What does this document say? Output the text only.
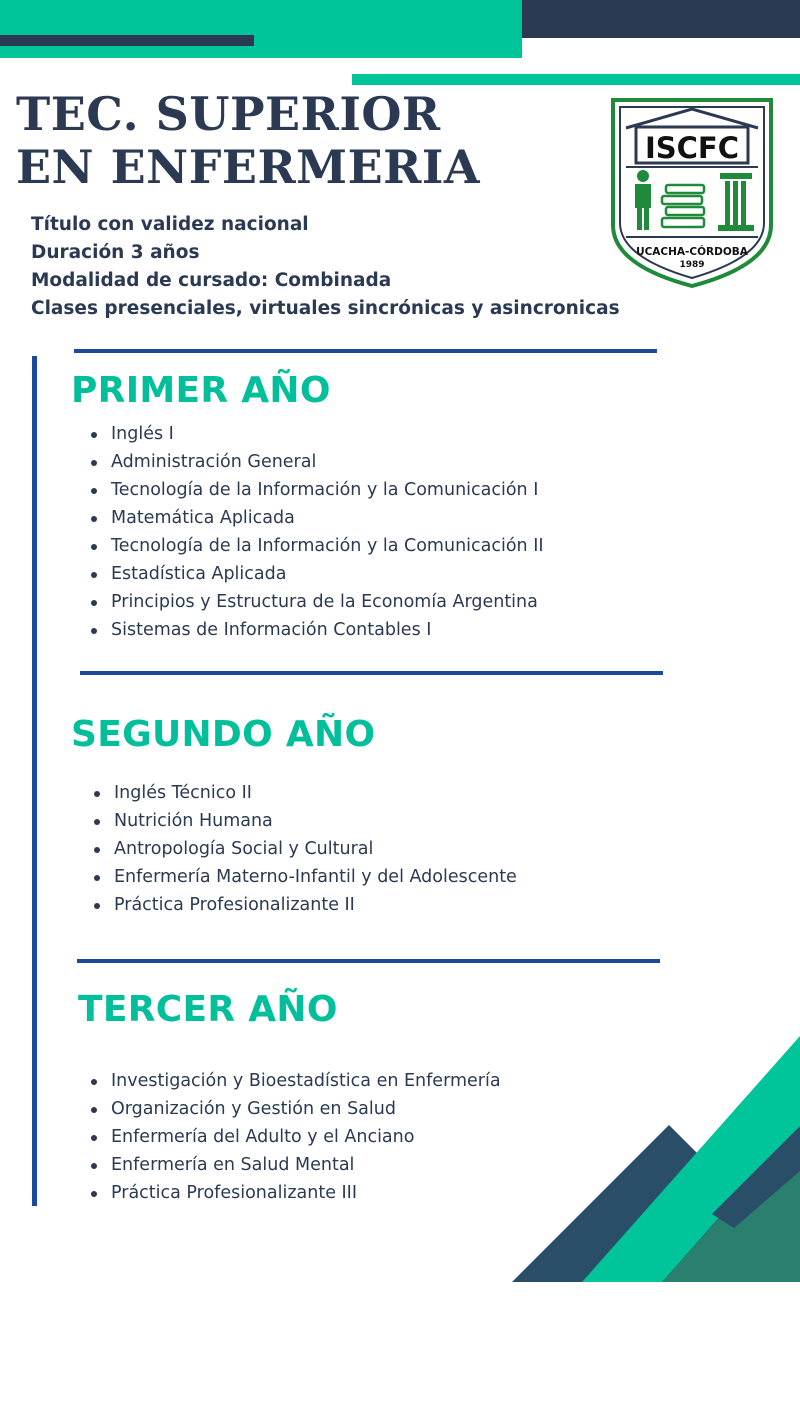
TEC. SUPERIOR
EN ENFERMERIA
Título con validez nacional
Duración 3 años
Modalidad de cursado: Combinada
Clases presenciales, virtuales sincrónicas y asincronicas
ISCFC
UCACHA-CÓRDOBA
1989
PRIMER AÑO
Inglés I
Administración General
Tecnología de la Información y la Comunicación I
Matemática Aplicada
Tecnología de la Información y la Comunicación II
Estadística Aplicada
Principios y Estructura de la Economía Argentina
Sistemas de Información Contables I
SEGUNDO AÑO
Inglés Técnico II
Nutrición Humana
Antropología Social y Cultural
Enfermería Materno-Infantil y del Adolescente
Práctica Profesionalizante II
TERCER AÑO
Investigación y Bioestadística en Enfermería
Organización y Gestión en Salud
Enfermería del Adulto y el Anciano
Enfermería en Salud Mental
Práctica Profesionalizante III
